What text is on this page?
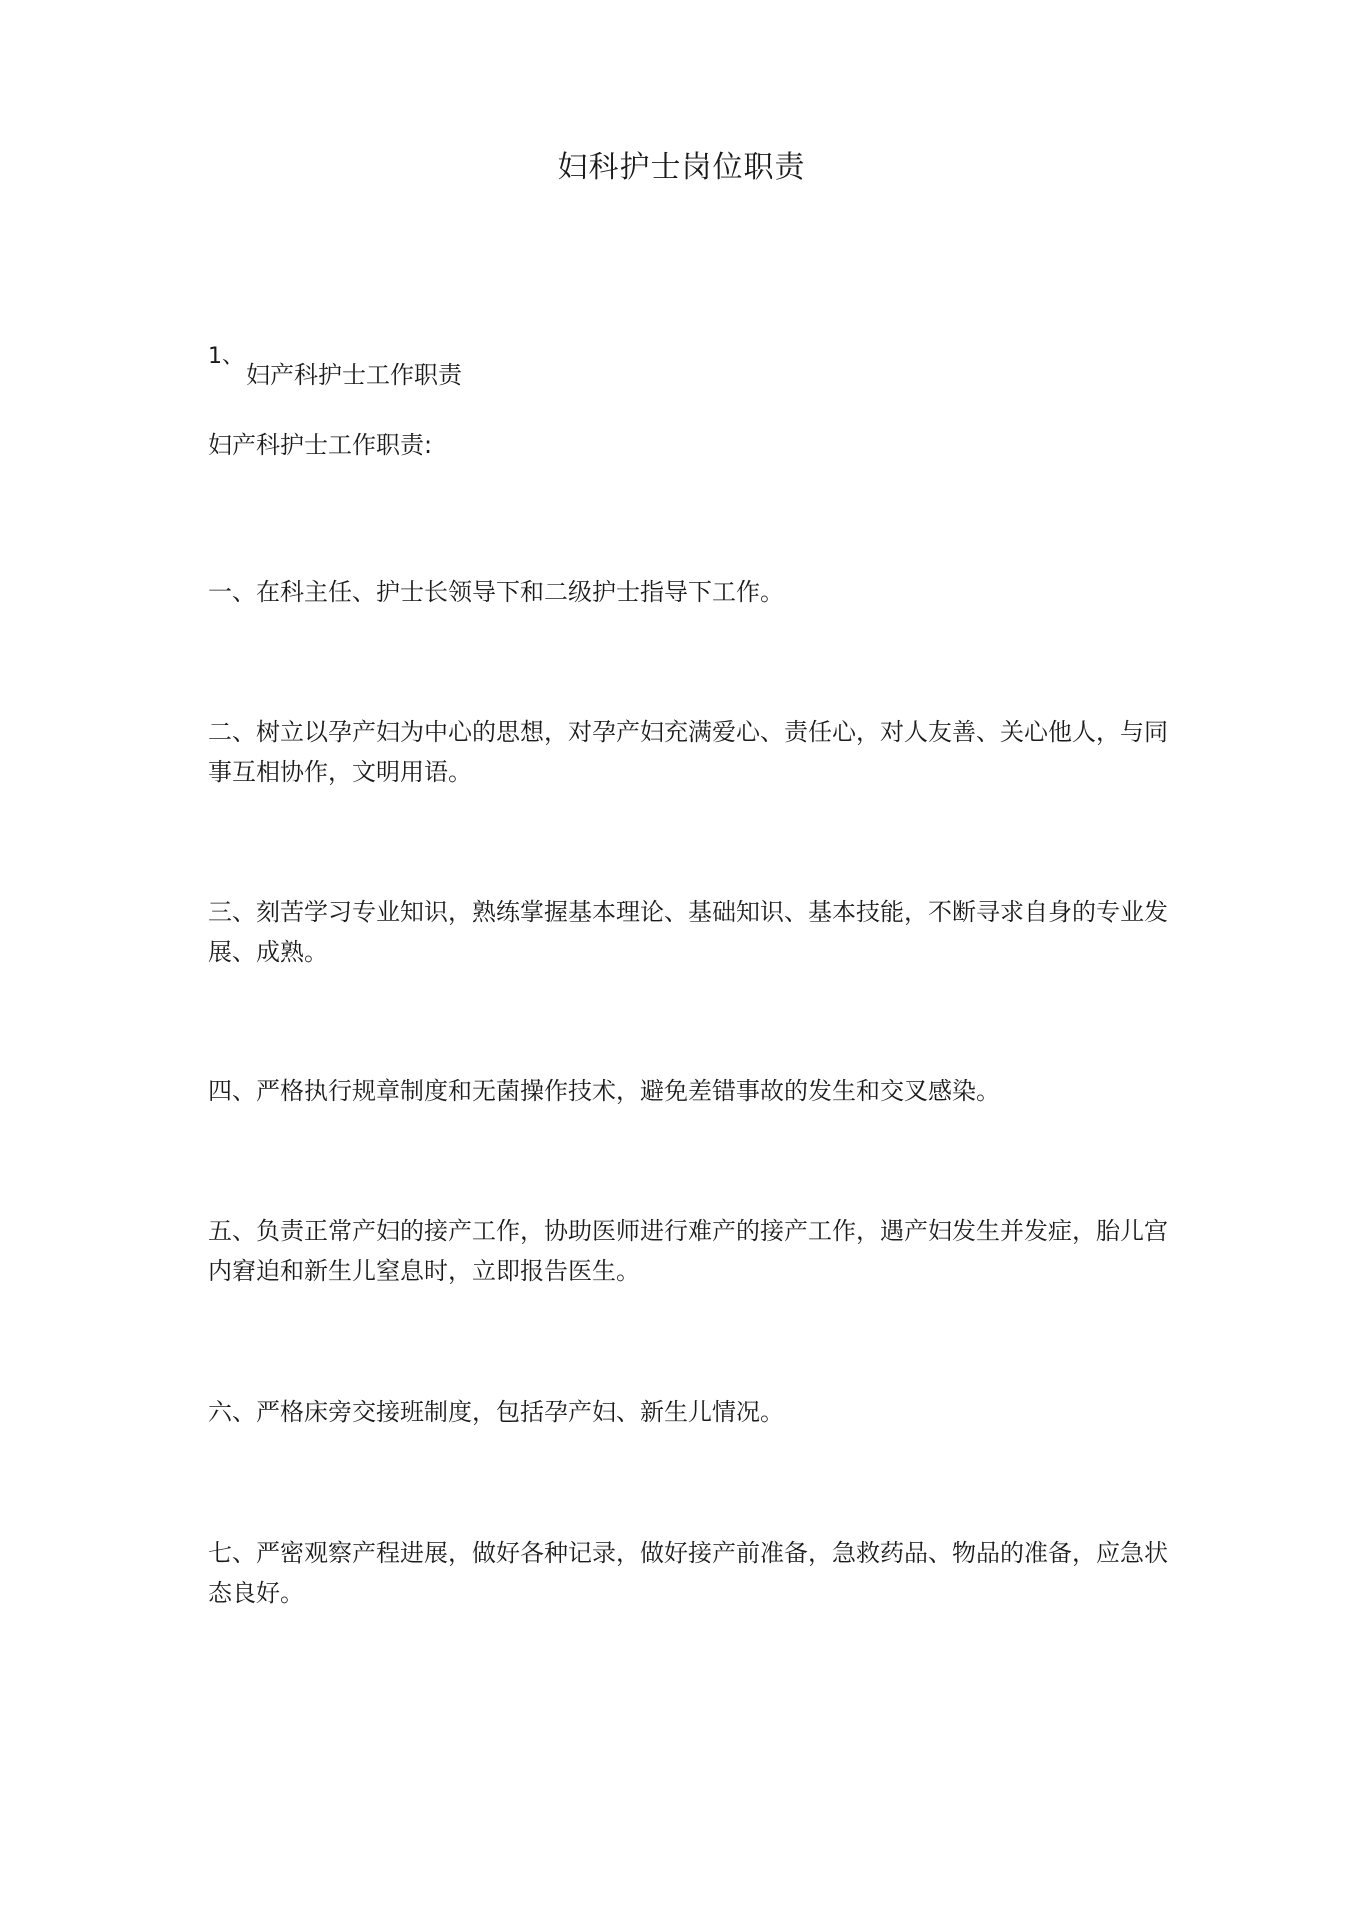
妇科护士岗位职责
1、
妇产科护士工作职责
妇产科护士工作职责:

一、在科主任、护士长领导下和二级护士指导下工作。

二、树立以孕产妇为中心的思想，对孕产妇充满爱心、责任心，对人友善、关心他人，与同事互相协作，文明用语。

三、刻苦学习专业知识，熟练掌握基本理论、基础知识、基本技能，不断寻求自身的专业发展、成熟。

四、严格执行规章制度和无菌操作技术，避免差错事故的发生和交叉感染。

五、负责正常产妇的接产工作，协助医师进行难产的接产工作，遇产妇发生并发症，胎儿宫内窘迫和新生儿窒息时，立即报告医生。

六、严格床旁交接班制度，包括孕产妇、新生儿情况。

七、严密观察产程进展，做好各种记录，做好接产前准备，急救药品、物品的准备，应急状态良好。
